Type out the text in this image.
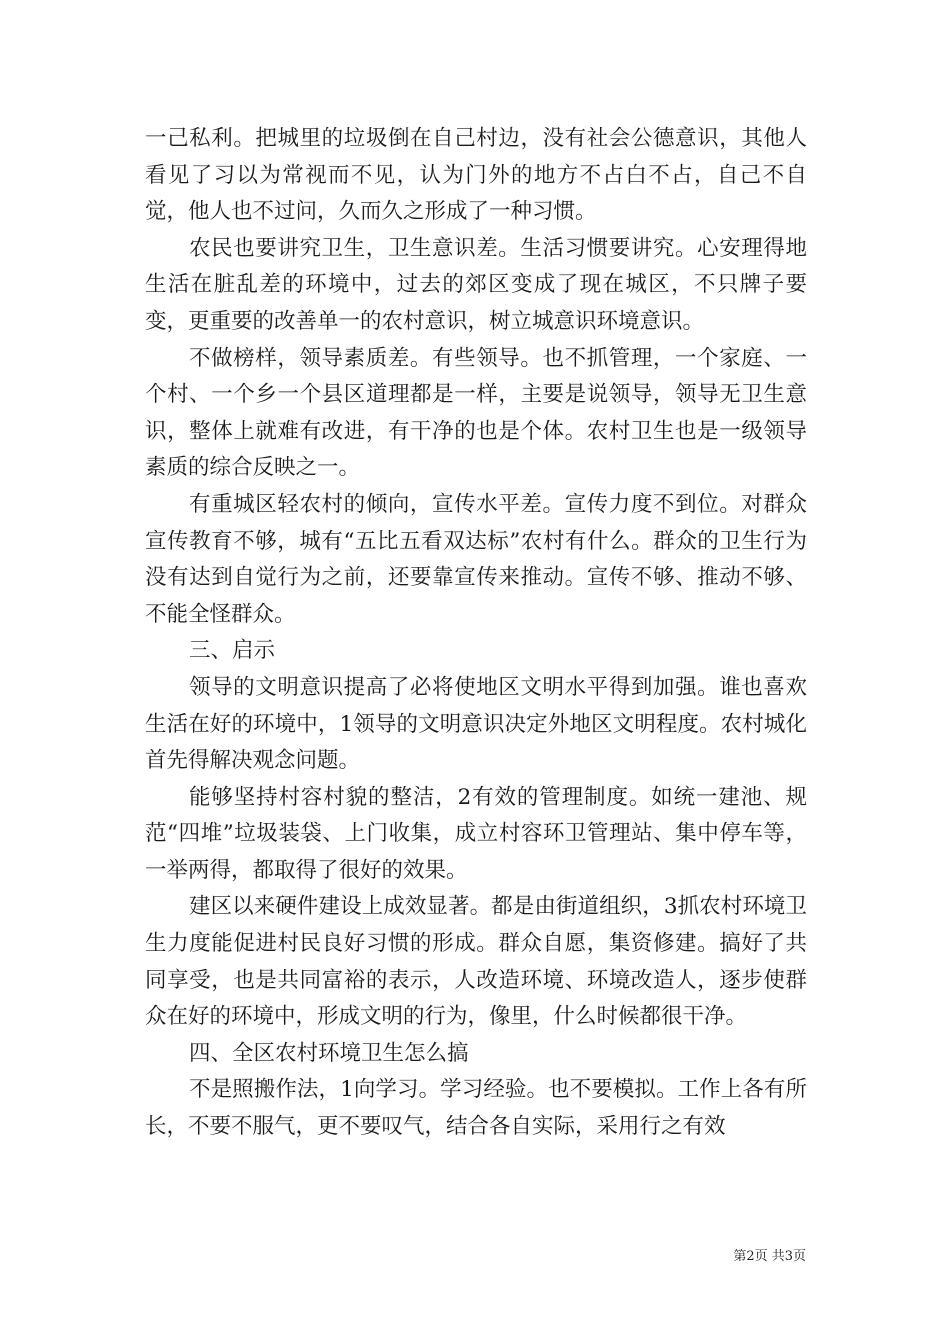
一己私利。把城里的垃圾倒在自己村边，没有社会公德意识，其他人看见了习以为常视而不见，认为门外的地方不占白不占，自己不自觉，他人也不过问，久而久之形成了一种习惯。

农民也要讲究卫生，卫生意识差。生活习惯要讲究。心安理得地生活在脏乱差的环境中，过去的郊区变成了现在城区，不只牌子要变，更重要的改善单一的农村意识，树立城意识环境意识。

不做榜样，领导素质差。有些领导。也不抓管理，一个家庭、一个村、一个乡一个县区道理都是一样，主要是说领导，领导无卫生意识，整体上就难有改进，有干净的也是个体。农村卫生也是一级领导素质的综合反映之一。

有重城区轻农村的倾向，宣传水平差。宣传力度不到位。对群众宣传教育不够，城有“五比五看双达标”农村有什么。群众的卫生行为没有达到自觉行为之前，还要靠宣传来推动。宣传不够、推动不够、不能全怪群众。

三、启示

领导的文明意识提高了必将使地区文明水平得到加强。谁也喜欢生活在好的环境中，1领导的文明意识决定外地区文明程度。农村城化首先得解决观念问题。

能够坚持村容村貌的整洁，2有效的管理制度。如统一建池、规范“四堆”垃圾装袋、上门收集，成立村容环卫管理站、集中停车等，一举两得，都取得了很好的效果。

建区以来硬件建设上成效显著。都是由街道组织，3抓农村环境卫生力度能促进村民良好习惯的形成。群众自愿，集资修建。搞好了共同享受，也是共同富裕的表示，人改造环境、环境改造人，逐步使群众在好的环境中，形成文明的行为，像里，什么时候都很干净。

四、全区农村环境卫生怎么搞

不是照搬作法，1向学习。学习经验。也不要模拟。工作上各有所长，不要不服气，更不要叹气，结合各自实际，采用行之有效

第2页 共3页
